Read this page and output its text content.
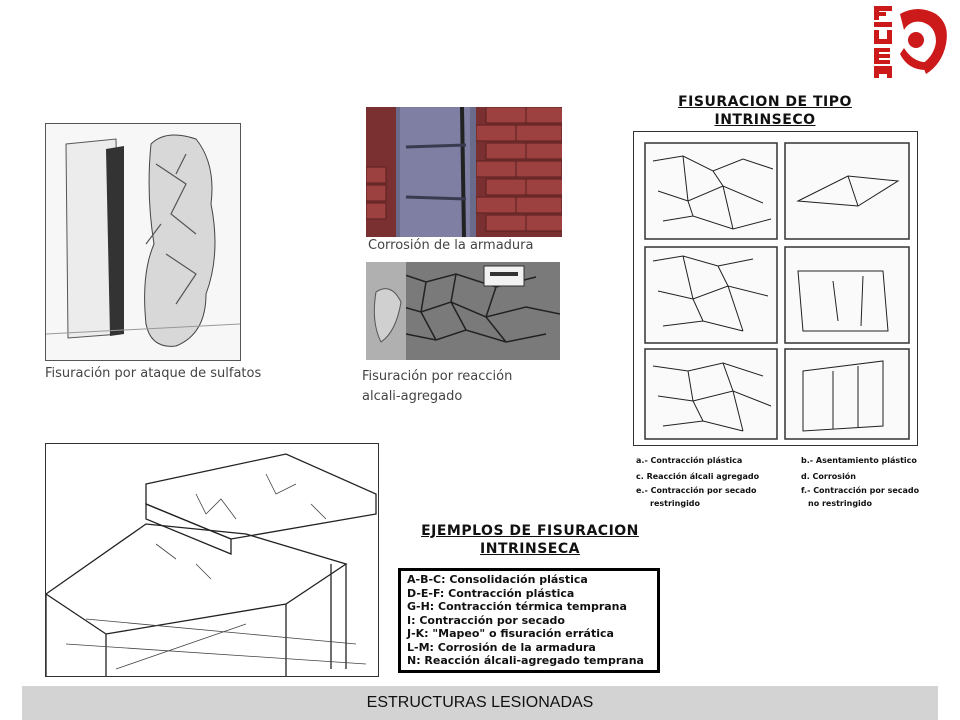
Fisuración por ataque de sulfatos
Corrosión de la armadura
Fisuración por reacción
alcali-agregado
FISURACION DE TIPO
INTRINSECO
a.- Contracción plástica	b.- Asentamiento plástico
c. Reacción álcali agregado	d. Corrosión
e.- Contracción por secado	f.- Contracción por secado
restringido	no restringido
EJEMPLOS DE FISURACION
INTRINSECA
A-B-C: Consolidación plástica
D-E-F: Contracción plástica
G-H: Contracción térmica temprana
I: Contracción por secado
J-K: "Mapeo" o fisuración errática
L-M: Corrosión de la armadura
N: Reacción álcali-agregado temprana
ESTRUCTURAS LESIONADAS
